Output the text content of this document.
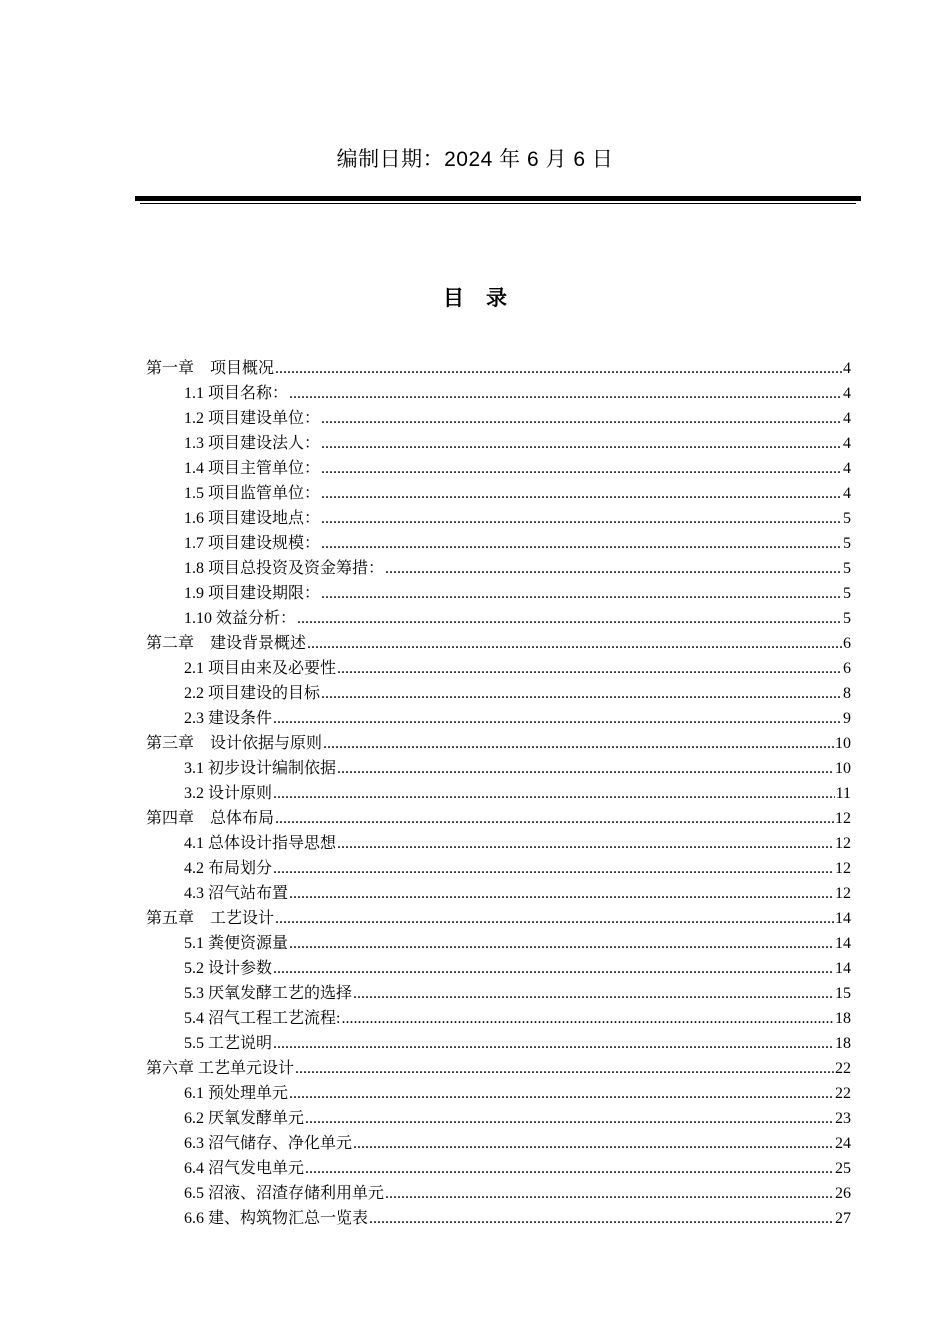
编制日期：2024 年 6 月 6 日
目录
第一章　项目概况 .....	4
1.1 项目名称： .....	4
1.2 项目建设单位： .....	4
1.3 项目建设法人： .....	4
1.4 项目主管单位： .....	4
1.5 项目监管单位： .....	4
1.6 项目建设地点： .....	5
1.7 项目建设规模： .....	5
1.8 项目总投资及资金筹措： .....	5
1.9 项目建设期限： .....	5
1.10 效益分析： .....	5
第二章　建设背景概述 .....	6
2.1 项目由来及必要性 .....	6
2.2 项目建设的目标 .....	8
2.3 建设条件 .....	9
第三章　设计依据与原则 .....	10
3.1 初步设计编制依据 .....	10
3.2 设计原则 .....	11
第四章　总体布局 .....	12
4.1 总体设计指导思想 .....	12
4.2 布局划分 .....	12
4.3 沼气站布置 .....	12
第五章　工艺设计 .....	14
5.1 粪便资源量 .....	14
5.2 设计参数 .....	14
5.3 厌氧发酵工艺的选择 .....	15
5.4 沼气工程工艺流程: .....	18
5.5 工艺说明 .....	18
第六章 工艺单元设计 .....	22
6.1 预处理单元 .....	22
6.2 厌氧发酵单元 .....	23
6.3 沼气储存、净化单元 .....	24
6.4 沼气发电单元 .....	25
6.5 沼液、沼渣存储利用单元 .....	26
6.6 建、构筑物汇总一览表 .....	27
